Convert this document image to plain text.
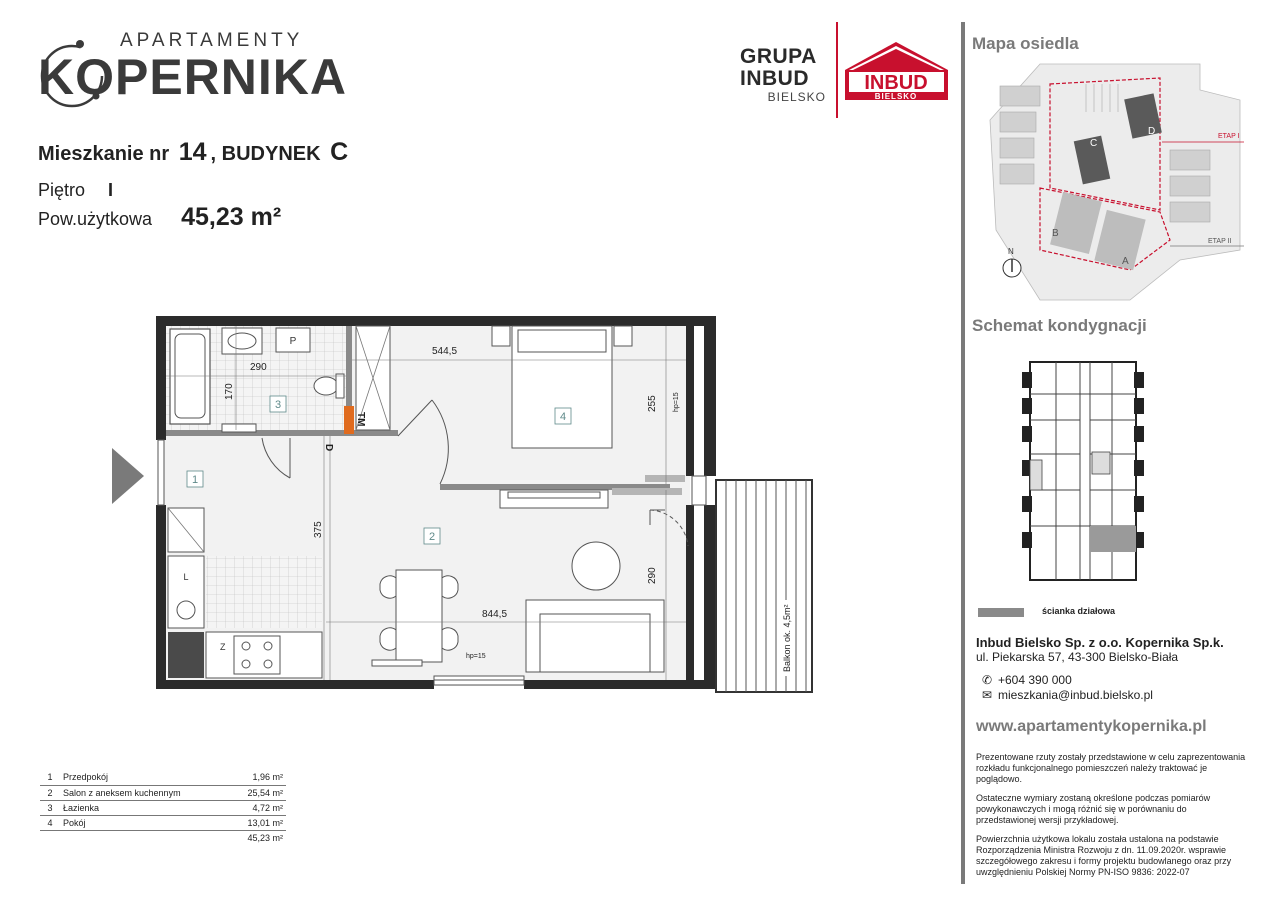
APARTAMENTY
KOPERNIKA	GRUPA
INBUD
BIELSKO
INBUD
BIELSKO
Mieszkanie nr 14 , BUDYNEK C
Piętro I
Pow.użytkowa 45,23 m²
P
L
Z	Balkon ok. 4,5m²
544,5
290
170
255
375
844,5
290
hp=15
hp=15
TM
D
1
2
3
4
1	Przedpokój	1,96 m²
2	Salon z aneksem kuchennym	25,54 m²
3	Łazienka	4,72 m²
4	Pokój	13,01 m²
45,23 m²
Mapa osiedla
ETAP I
ETAP II
C
D
B
A
N
Schemat kondygnacji
ścianka działowa
Inbud Bielsko Sp. z o.o. Kopernika Sp.k.
ul. Piekarska 57, 43-300 Bielsko-Biała
✆ +604 390 000
✉ mieszkania@inbud.bielsko.pl
www.apartamentykopernika.pl
Prezentowane rzuty zostały przedstawione w celu zaprezentowania rozkładu funkcjonalnego pomieszczeń należy traktować je poglądowo.
Ostateczne wymiary zostaną określone podczas pomiarów powykonawczych i mogą różnić się w porównaniu do przedstawionej wersji przykładowej.
Powierzchnia użytkowa lokalu została ustalona na podstawie Rozporządzenia Ministra Rozwoju z dn. 11.09.2020r. wsprawie szczegółowego zakresu i formy projektu budowlanego oraz przy uwzględnieniu Polskiej Normy PN-ISO 9836: 2022-07
